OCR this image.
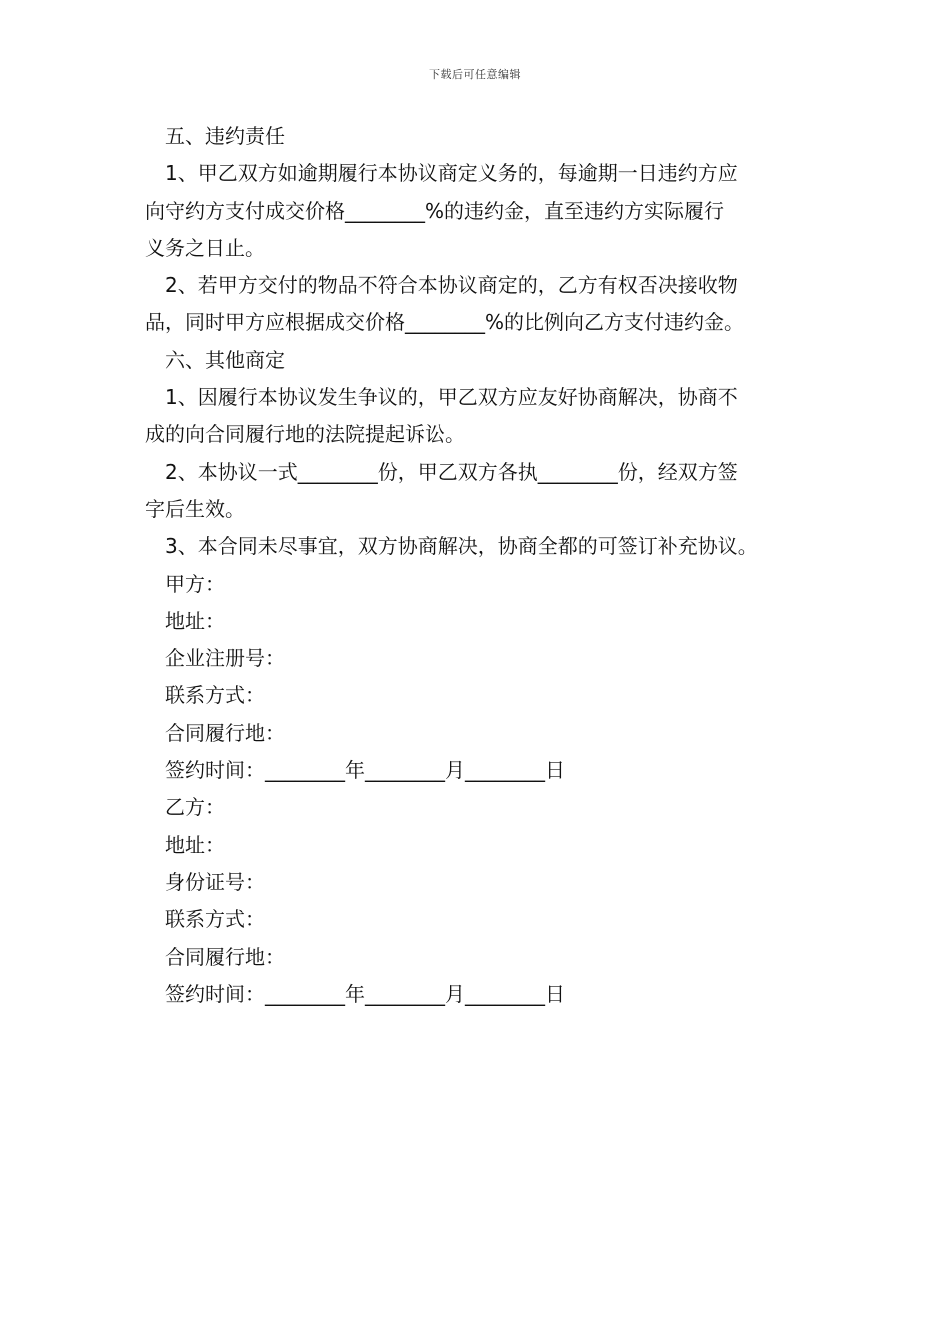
下载后可任意编辑

五、违约责任

1、甲乙双方如逾期履行本协议商定义务的，每逾期一日违约方应

向守约方支付成交价格________%的违约金，直至违约方实际履行

义务之日止。

2、若甲方交付的物品不符合本协议商定的，乙方有权否决接收物

品，同时甲方应根据成交价格________%的比例向乙方支付违约金。

六、其他商定

1、因履行本协议发生争议的，甲乙双方应友好协商解决，协商不

成的向合同履行地的法院提起诉讼。

2、本协议一式________份，甲乙双方各执________份，经双方签

字后生效。

3、本合同未尽事宜，双方协商解决，协商全都的可签订补充协议。

甲方：

地址：

企业注册号：

联系方式：

合同履行地：

签约时间：________年________月________日

乙方：

地址：

身份证号：

联系方式：

合同履行地：

签约时间：________年________月________日
